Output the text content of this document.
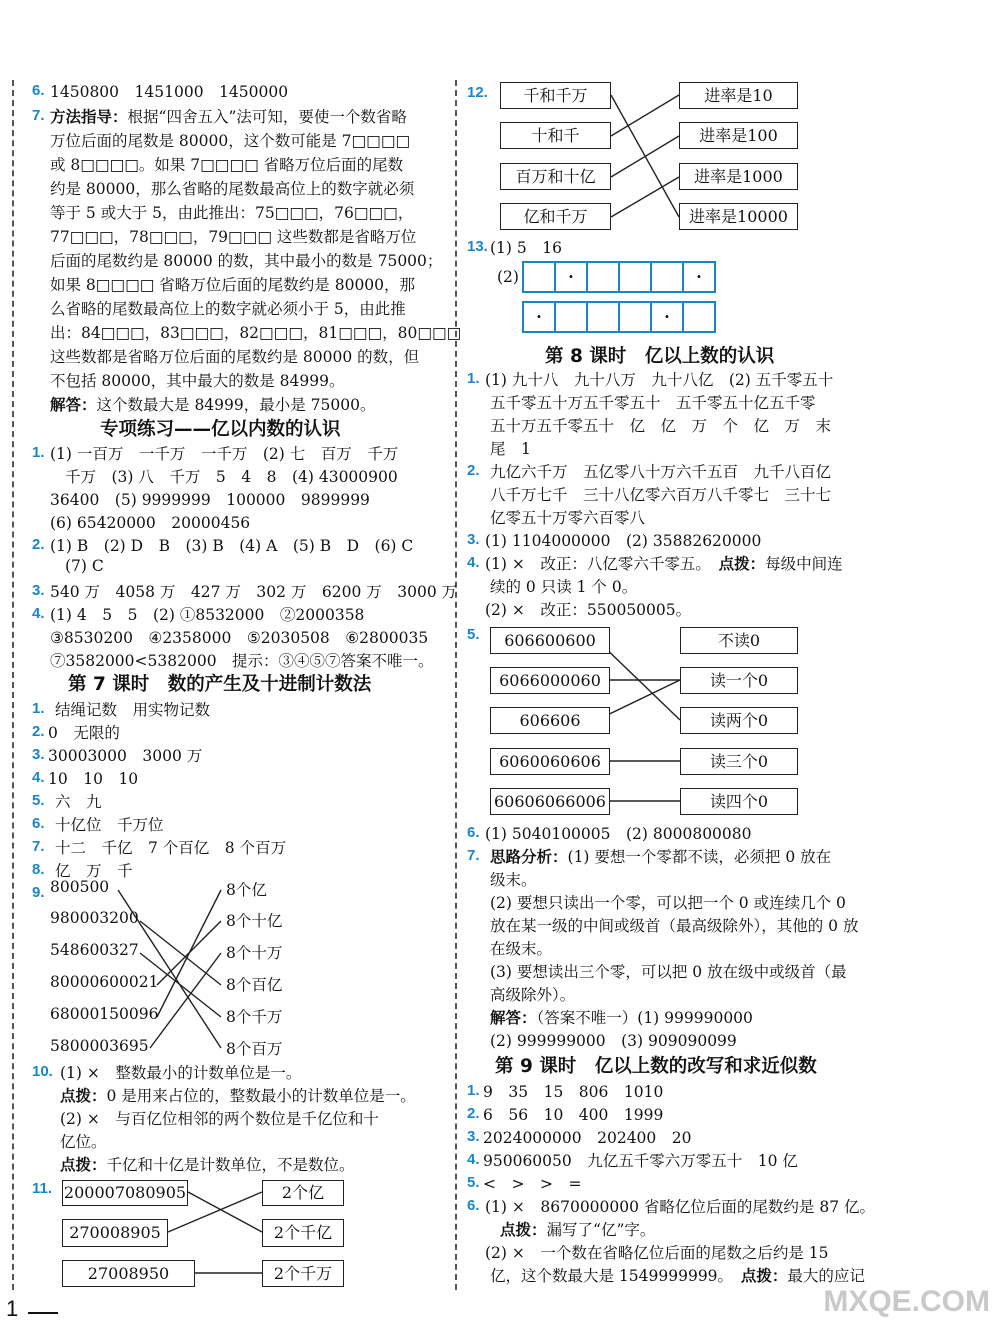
6. 1450800　1451000　1450000
7. 方法指导：根据“四舍五入”法可知，要使一个数省略
万位后面的尾数是 80000，这个数可能是 7□□□□
或 8□□□□。如果 7□□□□ 省略万位后面的尾数
约是 80000，那么省略的尾数最高位上的数字就必须
等于 5 或大于 5，由此推出：75□□□，76□□□，
77□□□，78□□□，79□□□ 这些数都是省略万位
后面的尾数约是 80000 的数，其中最小的数是 75000；
如果 8□□□□ 省略万位后面的尾数约是 80000，那
么省略的尾数最高位上的数字就必须小于 5，由此推
出：84□□□，83□□□，82□□□，81□□□，80□□□
这些数都是省略万位后面的尾数约是 80000 的数，但
不包括 80000，其中最大的数是 84999。
解答：这个数最大是 84999，最小是 75000。
专项练习——亿以内数的认识
1. (1) 一百万　一千万　一千万　(2) 七　百万　千万
千万　(3) 八　千万　5　4　8　(4) 43000900
36400　(5) 9999999　100000　9899999
(6) 65420000　20000456
2. (1) B　(2) D　B　(3) B　(4) A　(5) B　D　(6) C
(7) C
3. 540 万　4058 万　427 万　302 万　6200 万　3000 万
4. (1) 4　5　5　(2) ①8532000　②2000358
③8530200　④2358000　⑤2030508　⑥2800035
⑦3582000<5382000　提示：③④⑤⑦答案不唯一。
第 7 课时　数的产生及十进制计数法
1. 结绳记数　用实物记数
2. 0　无限的
3. 30003000　3000 万
4. 10　10　10
5. 六　九
6. 十亿位　千万位
7. 十二　千亿　7 个百亿　8 个百万
8. 亿　万　千
9. 800500
980003200
548600327
80000600021
68000150096
5800003695
8个亿
8个十亿
8个十万
8个百亿
8个千万
8个百万
10. (1) ×　整数最小的计数单位是一。
点拨：0 是用来占位的，整数最小的计数单位是一。
(2) ×　与百亿位相邻的两个数位是千亿位和十
亿位。
点拨：千亿和十亿是计数单位，不是数位。
11. 200007080905
270008905
27008950
2个亿
2个千亿
2个千万
12.	千和千万
十和千
百万和十亿
亿和千万
进率是10
进率是100
进率是1000
进率是10000
13. (1) 5　16
(2)	·	·
·	·
第 8 课时　亿以上数的认识
1. (1) 九十八　九十八万　九十八亿　(2) 五千零五十
五千零五十万五千零五十　五千零五十亿五千零
五十万五千零五十　亿　亿　万　个　亿　万　末
尾　1
2. 九亿六千万　五亿零八十万六千五百　九千八百亿
八千万七千　三十八亿零六百万八千零七　三十七
亿零五十万零六百零八
3. (1) 1104000000　(2) 35882620000
4. (1) ×　改正：八亿零六千零五。　 点拨：每级中间连
续的 0 只读 1 个 0。
(2) ×　改正：550050005。
5.	606600600
6066000060
606606
6060060606
60606066006
不读0
读一个0
读两个0
读三个0
读四个0
6. (1) 5040100005　(2) 8000800080
7. 思路分析：(1) 要想一个零都不读，必须把 0 放在
级末。
(2) 要想只读出一个零，可以把一个 0 或连续几个 0
放在某一级的中间或级首（最高级除外），其他的 0 放
在级末。
(3) 要想读出三个零，可以把 0 放在级中或级首（最
高级除外）。
解答：（答案不唯一）(1) 999990000
(2) 999999000　(3) 909090099
第 9 课时　亿以上数的改写和求近似数
1. 9　35　15　806　1010
2. 6　56　10　400　1999
3. 2024000000　202400　20
4. 950060050　九亿五千零六万零五十　10 亿
5. <　>　>　=
6. (1) ×　8670000000 省略亿位后面的尾数约是 87 亿。
点拨：漏写了“亿”字。
(2) ×　一个数在省略亿位后面的尾数之后约是 15
亿，这个数最大是 1549999999。　 点拨：最大的应记
1	MXQE.COM
